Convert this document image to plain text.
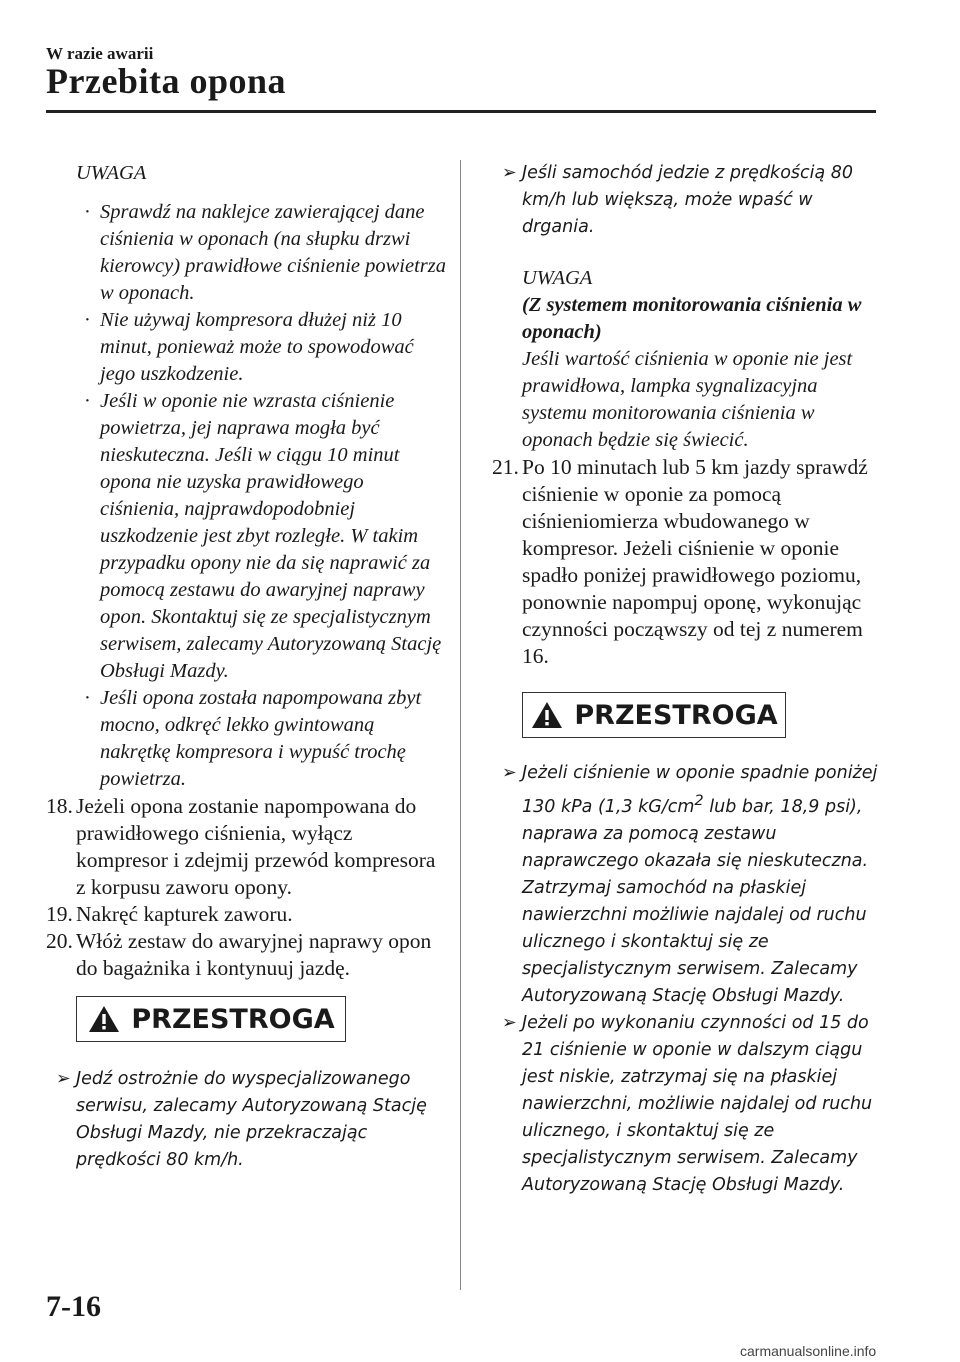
W razie awarii
Przebita opona
UWAGA
· Sprawdź na naklejce zawierającej dane ciśnienia w oponach (na słupku drzwi kierowcy) prawidłowe ciśnienie powietrza w oponach.
· Nie używaj kompresora dłużej niż 10 minut, ponieważ może to spowodować jego uszkodzenie.
· Jeśli w oponie nie wzrasta ciśnienie powietrza, jej naprawa mogła być nieskuteczna. Jeśli w ciągu 10 minut opona nie uzyska prawidłowego ciśnienia, najprawdopodobniej uszkodzenie jest zbyt rozległe. W takim przypadku opony nie da się naprawić za pomocą zestawu do awaryjnej naprawy opon. Skontaktuj się ze specjalistycznym serwisem, zalecamy Autoryzowaną Stację Obsługi Mazdy.
· Jeśli opona została napompowana zbyt mocno, odkręć lekko gwintowaną nakrętkę kompresora i wypuść trochę powietrza.
18. Jeżeli opona zostanie napompowana do prawidłowego ciśnienia, wyłącz kompresor i zdejmij przewód kompresora z korpusu zaworu opony.
19. Nakręć kapturek zaworu.
20. Włóż zestaw do awaryjnej naprawy opon do bagażnika i kontynuuj jazdę.
PRZESTROGA
➢ Jedź ostrożnie do wyspecjalizowanego serwisu, zalecamy Autoryzowaną Stację Obsługi Mazdy, nie przekraczając prędkości 80 km/h.
➢ Jeśli samochód jedzie z prędkością 80 km/h lub większą, może wpaść w drgania.
UWAGA
(Z systemem monitorowania ciśnienia w oponach)
Jeśli wartość ciśnienia w oponie nie jest prawidłowa, lampka sygnalizacyjna systemu monitorowania ciśnienia w oponach będzie się świecić.
21. Po 10 minutach lub 5 km jazdy sprawdź ciśnienie w oponie za pomocą ciśnieniomierza wbudowanego w kompresor. Jeżeli ciśnienie w oponie spadło poniżej prawidłowego poziomu, ponownie napompuj oponę, wykonując czynności począwszy od tej z numerem 16.
PRZESTROGA
➢ Jeżeli ciśnienie w oponie spadnie poniżej 130 kPa (1,3 $kG/cm^2$ lub bar, 18,9 psi), naprawa za pomocą zestawu naprawczego okazała się nieskuteczna. Zatrzymaj samochód na płaskiej nawierzchni możliwie najdalej od ruchu ulicznego i skontaktuj się ze specjalistycznym serwisem. Zalecamy Autoryzowaną Stację Obsługi Mazdy.
➢ Jeżeli po wykonaniu czynności od 15 do 21 ciśnienie w oponie w dalszym ciągu jest niskie, zatrzymaj się na płaskiej nawierzchni, możliwie najdalej od ruchu ulicznego, i skontaktuj się ze specjalistycznym serwisem. Zalecamy Autoryzowaną Stację Obsługi Mazdy.
7-16
carmanualsonline.info
